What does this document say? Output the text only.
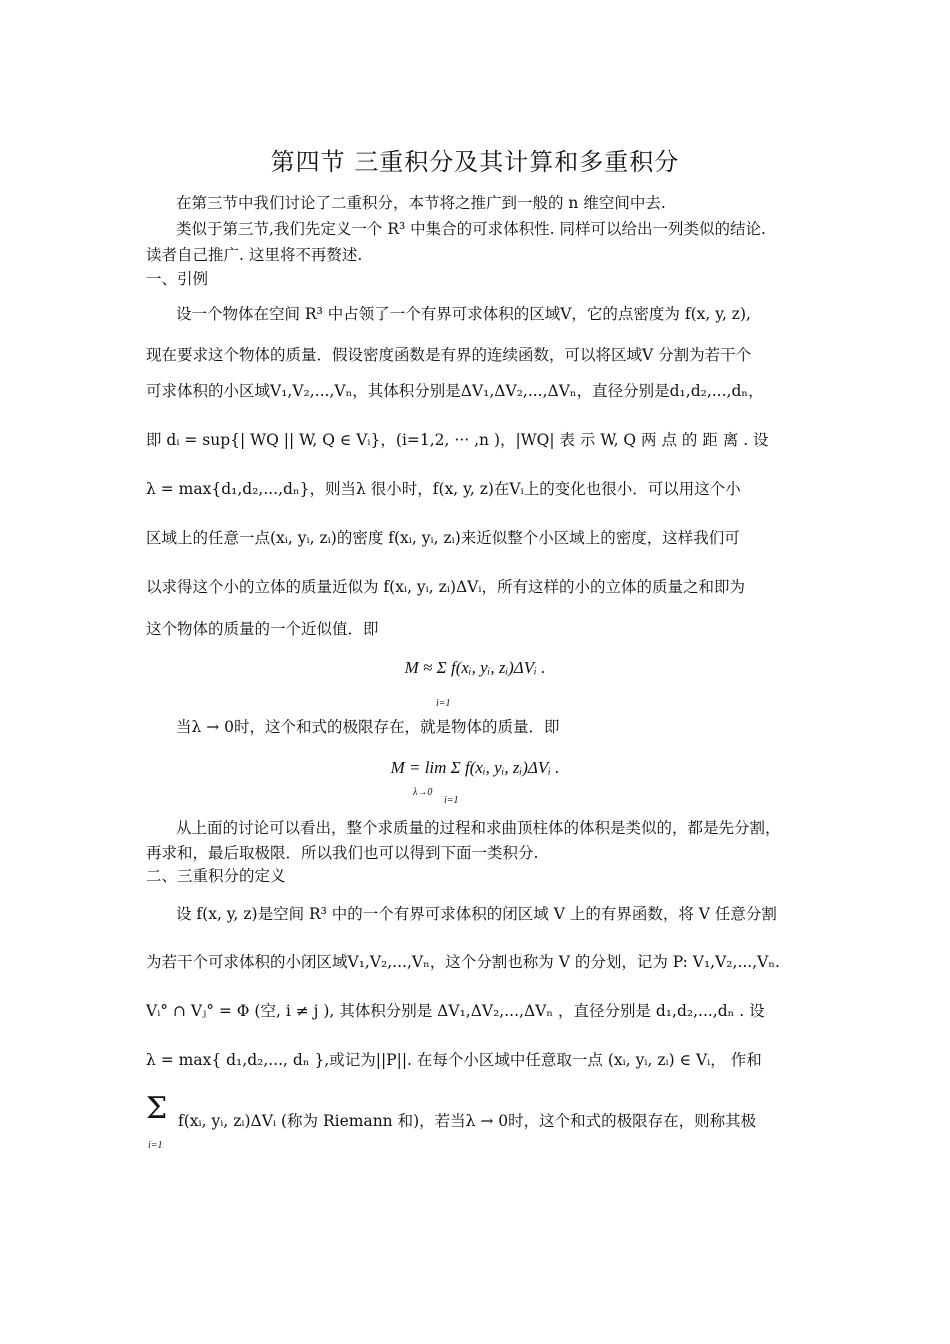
第四节 三重积分及其计算和多重积分
在第三节中我们讨论了二重积分，本节将之推广到一般的 n 维空间中去.
类似于第三节,我们先定义一个 R³ 中集合的可求体积性. 同样可以给出一列类似的结论.
读者自己推广. 这里将不再赘述.
一、引例
设一个物体在空间 R³ 中占领了一个有界可求体积的区域V，它的点密度为 f(x, y, z),
现在要求这个物体的质量．假设密度函数是有界的连续函数，可以将区域V 分割为若干个
可求体积的小区域V₁,V₂,...,Vₙ，其体积分别是ΔV₁,ΔV₂,...,ΔVₙ，直径分别是d₁,d₂,...,dₙ，
即 dᵢ = sup{| WQ || W, Q ∈ Vᵢ}，(i=1,2, ··· ,n )，|WQ| 表 示 W, Q 两 点 的 距 离 . 设
λ = max{d₁,d₂,...,dₙ}，则当λ 很小时，f(x, y, z)在Vᵢ上的变化也很小．可以用这个小
区域上的任意一点(xᵢ, yᵢ, zᵢ)的密度 f(xᵢ, yᵢ, zᵢ)来近似整个小区域上的密度，这样我们可
以求得这个小的立体的质量近似为 f(xᵢ, yᵢ, zᵢ)ΔVᵢ，所有这样的小的立体的质量之和即为
这个物体的质量的一个近似值．即
M ≈ Σ f(xᵢ, yᵢ, zᵢ)ΔVᵢ .
i=1
当λ → 0时，这个和式的极限存在，就是物体的质量．即
M = lim Σ f(xᵢ, yᵢ, zᵢ)ΔVᵢ .
λ→0
i=1
从上面的讨论可以看出，整个求质量的过程和求曲顶柱体的体积是类似的，都是先分割，
再求和，最后取极限．所以我们也可以得到下面一类积分.
二、三重积分的定义
设 f(x, y, z)是空间 R³ 中的一个有界可求体积的闭区域 V 上的有界函数，将 V 任意分割
为若干个可求体积的小闭区域V₁,V₂,...,Vₙ，这个分割也称为 V 的分划，记为 P: V₁,V₂,...,Vₙ.
Vᵢ° ∩ Vⱼ° = Φ (空, i ≠ j ), 其体积分别是 ΔV₁,ΔV₂,...,ΔVₙ ，直径分别是 d₁,d₂,...,dₙ . 设
λ = max{ d₁,d₂,..., dₙ },或记为||P||. 在每个小区域中任意取一点 (xᵢ, yᵢ, zᵢ) ∈ Vᵢ， 作和
Σ
i=1
f(xᵢ, yᵢ, zᵢ)ΔVᵢ (称为 Riemann 和)，若当λ → 0时，这个和式的极限存在，则称其极
